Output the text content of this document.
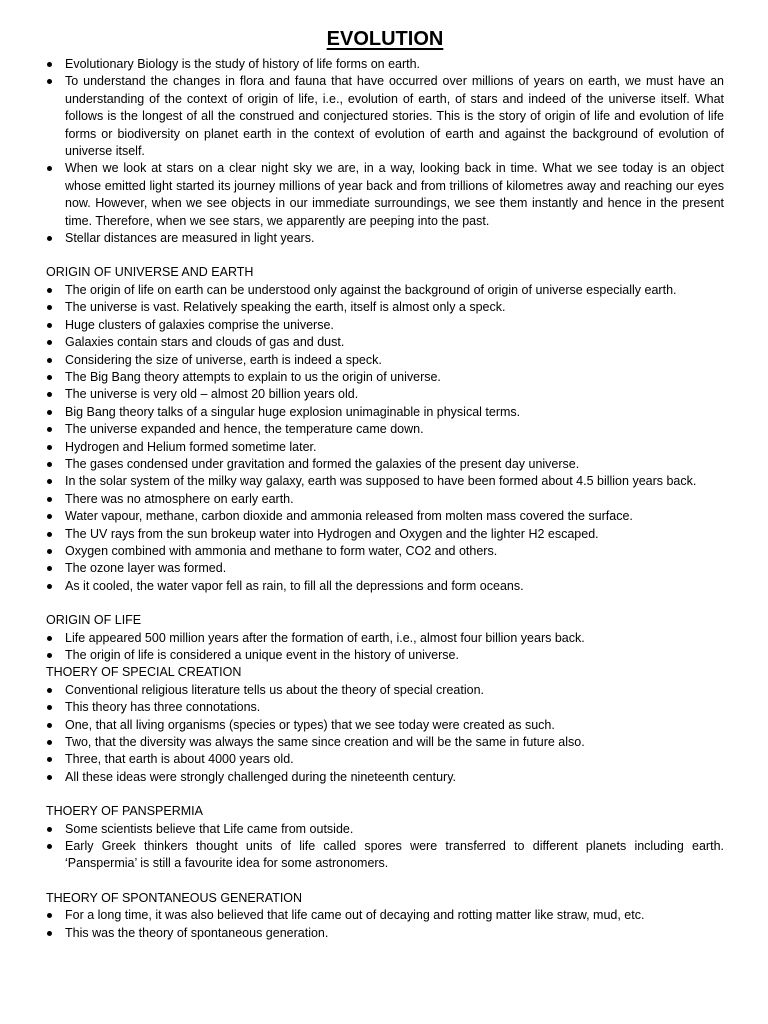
EVOLUTION
Evolutionary Biology is the study of history of life forms on earth.
To understand the changes in flora and fauna that have occurred over millions of years on earth, we must have an understanding of the context of origin of life, i.e., evolution of earth, of stars and indeed of the universe itself. What follows is the longest of all the construed and conjectured stories. This is the story of origin of life and evolution of life forms or biodiversity on planet earth in the context of evolution of earth and against the background of evolution of universe itself.
When we look at stars on a clear night sky we are, in a way, looking back in time. What we see today is an object whose emitted light started its journey millions of year back and from trillions of kilometres away and reaching our eyes now. However, when we see objects in our immediate surroundings, we see them instantly and hence in the present time. Therefore, when we see stars, we apparently are peeping into the past.
Stellar distances are measured in light years.

ORIGIN OF UNIVERSE AND EARTH

The origin of life on earth can be understood only against the background of origin of universe especially earth.
The universe is vast. Relatively speaking the earth, itself is almost only a speck.
Huge clusters of galaxies comprise the universe.
Galaxies contain stars and clouds of gas and dust.
Considering the size of universe, earth is indeed a speck.
The Big Bang theory attempts to explain to us the origin of universe.
The universe is very old – almost 20 billion years old.
Big Bang theory talks of a singular huge explosion unimaginable in physical terms.
The universe expanded and hence, the temperature came down.
Hydrogen and Helium formed sometime later.
The gases condensed under gravitation and formed the galaxies of the present day universe.
In the solar system of the milky way galaxy, earth was supposed to have been formed about 4.5 billion years back.
There was no atmosphere on early earth.
Water vapour, methane, carbon dioxide and ammonia released from molten mass covered the surface.
The UV rays from the sun brokeup water into Hydrogen and Oxygen and the lighter H2 escaped.
Oxygen combined with ammonia and methane to form water, CO2 and others.
The ozone layer was formed.
As it cooled, the water vapor fell as rain, to fill all the depressions and form oceans.

ORIGIN OF LIFE

Life appeared 500 million years after the formation of earth, i.e., almost four billion years back.
The origin of life is considered a unique event in the history of universe.

THOERY OF SPECIAL CREATION

Conventional religious literature tells us about the theory of special creation.
This theory has three connotations.
One, that all living organisms (species or types) that we see today were created as such.
Two, that the diversity was always the same since creation and will be the same in future also.
Three, that earth is about 4000 years old.
All these ideas were strongly challenged during the nineteenth century.

THOERY OF PANSPERMIA

Some scientists believe that Life came from outside.
Early Greek thinkers thought units of life called spores were transferred to different planets including earth. ‘Panspermia’ is still a favourite idea for some astronomers.

THEORY OF SPONTANEOUS GENERATION

For a long time, it was also believed that life came out of decaying and rotting matter like straw, mud, etc.
This was the theory of spontaneous generation.
